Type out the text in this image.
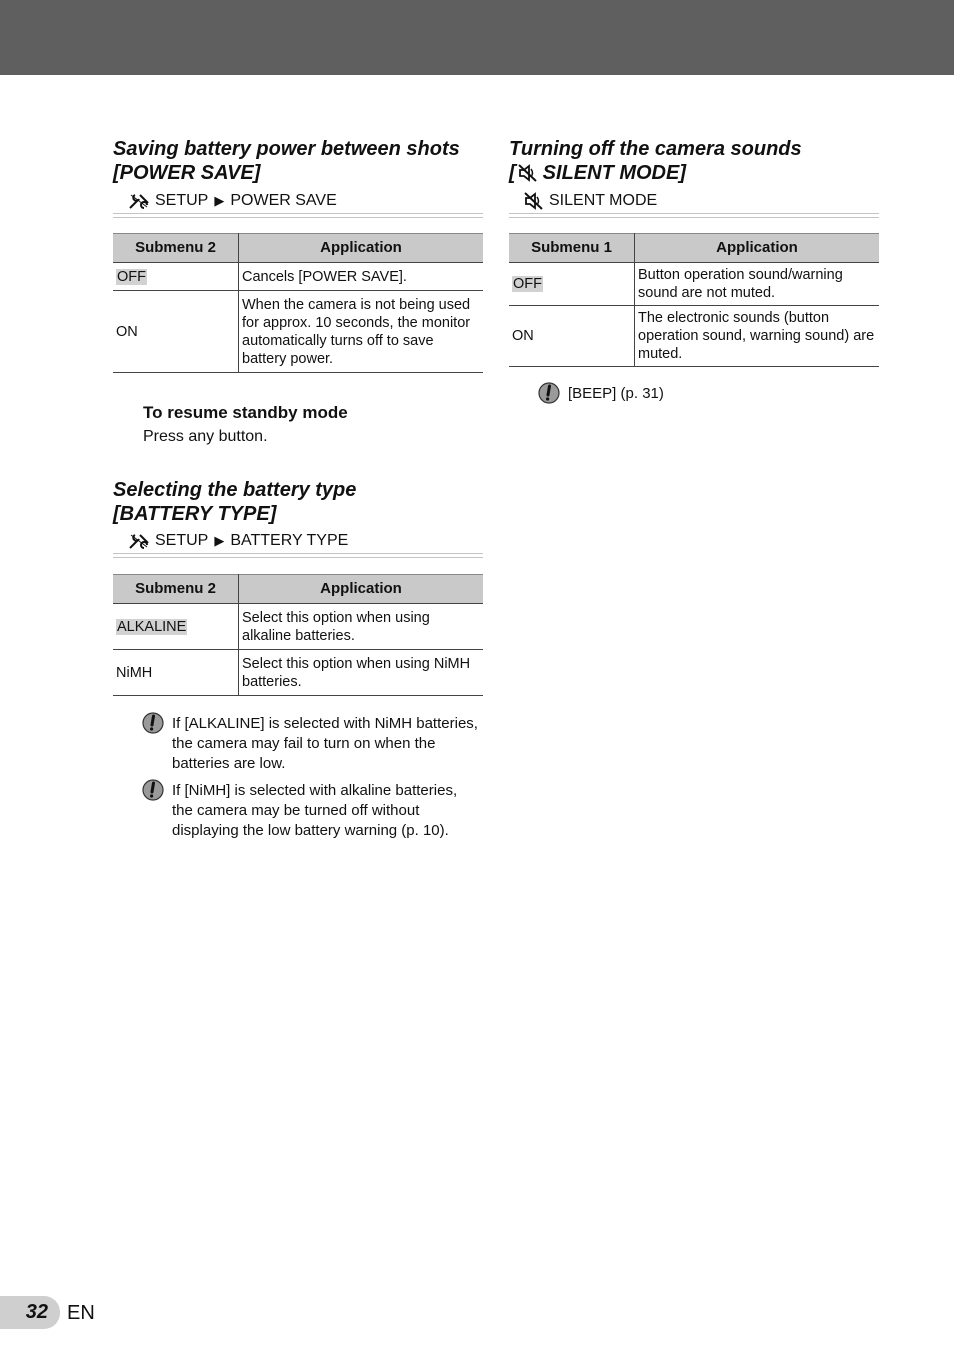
Saving battery power between shots
[POWER SAVE]
SETUP ▶ POWER SAVE
Submenu 2	Application
OFF	Cancels [POWER SAVE].
ON	When the camera is not being used for approx. 10 seconds, the monitor automatically turns off to save battery power.

To resume standby mode

Press any button.

Selecting the battery type
[BATTERY TYPE]
SETUP ▶ BATTERY TYPE
Submenu 2	Application
ALKALINE	Select this option when using alkaline batteries.
NiMH	Select this option when using NiMH batteries.
If [ALKALINE] is selected with NiMH batteries, the camera may fail to turn on when the batteries are low.
If [NiMH] is selected with alkaline batteries, the camera may be turned off without displaying the low battery warning (p. 10).
Turning off the camera sounds
[ SILENT MODE]
SILENT MODE
Submenu 1	Application
OFF	Button operation sound/warning sound are not muted.
ON	The electronic sounds (button operation sound, warning sound) are muted.
[BEEP] (p. 31)
32 EN
